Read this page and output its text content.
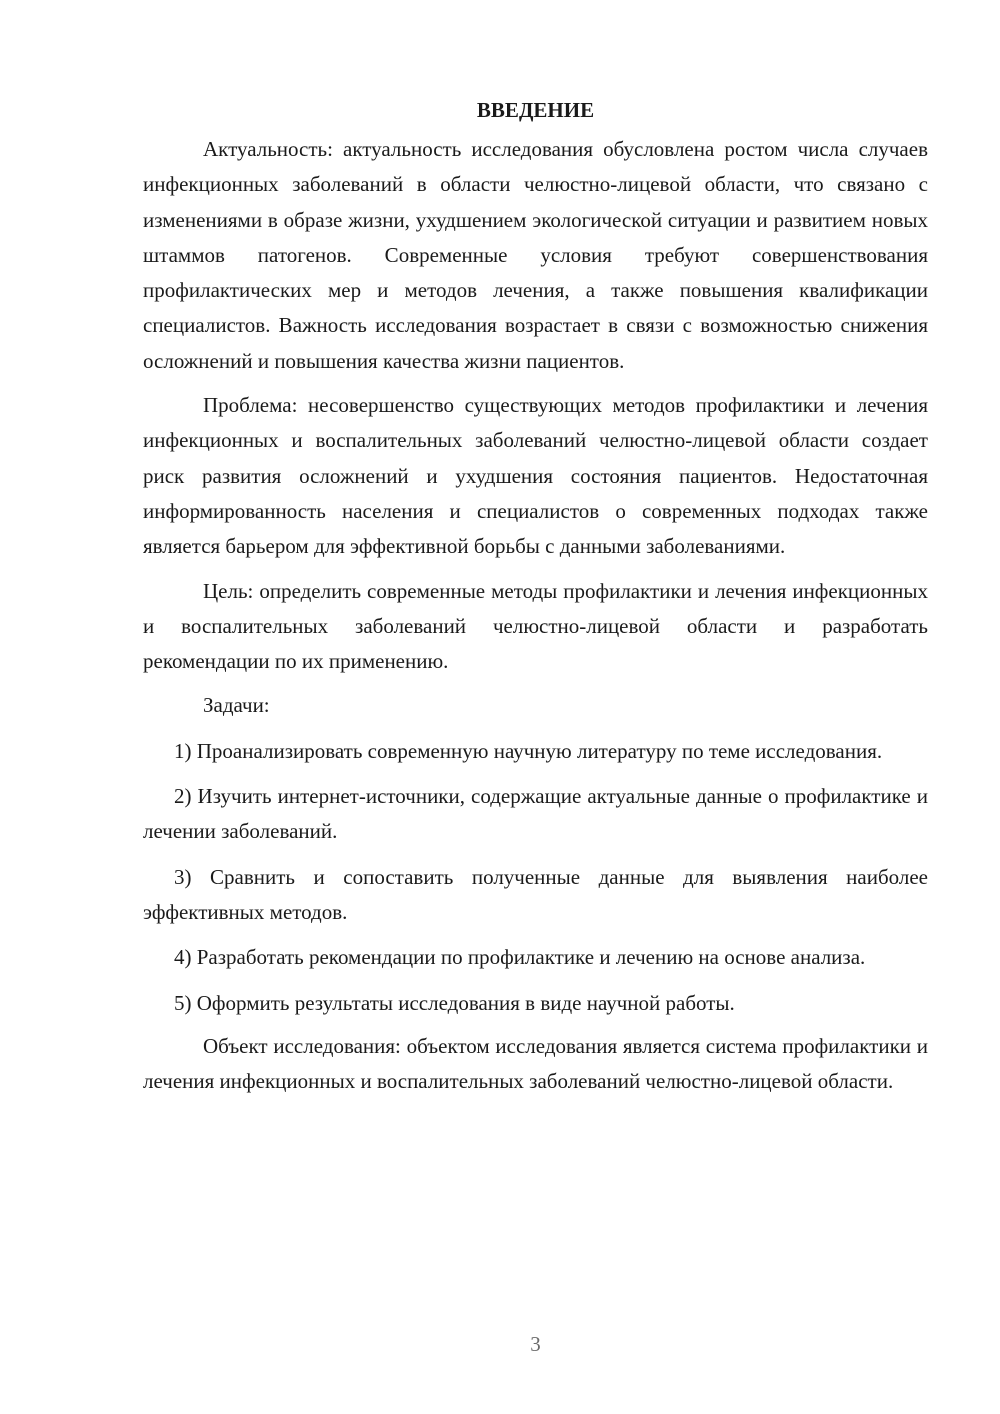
ВВЕДЕНИЕ

Актуальность: актуальность исследования обусловлена ростом числа случаев инфекционных заболеваний в области челюстно-лицевой области, что связано с изменениями в образе жизни, ухудшением экологической ситуации и развитием новых штаммов патогенов. Современные условия требуют совершенствования профилактических мер и методов лечения, а также повышения квалификации специалистов. Важность исследования возрастает в связи с возможностью снижения осложнений и повышения качества жизни пациентов.

Проблема: несовершенство существующих методов профилактики и лечения инфекционных и воспалительных заболеваний челюстно-лицевой области создает риск развития осложнений и ухудшения состояния пациентов. Недостаточная информированность населения и специалистов о современных подходах также является барьером для эффективной борьбы с данными заболеваниями.

Цель: определить современные методы профилактики и лечения инфекционных и воспалительных заболеваний челюстно-лицевой области и разработать рекомендации по их применению.

Задачи:

1) Проанализировать современную научную литературу по теме исследования.

2) Изучить интернет-источники, содержащие актуальные данные о профилактике и лечении заболеваний.

3) Сравнить и сопоставить полученные данные для выявления наиболее эффективных методов.

4) Разработать рекомендации по профилактике и лечению на основе анализа.

5) Оформить результаты исследования в виде научной работы.

Объект исследования: объектом исследования является система профилактики и лечения инфекционных и воспалительных заболеваний челюстно-лицевой области.

3
